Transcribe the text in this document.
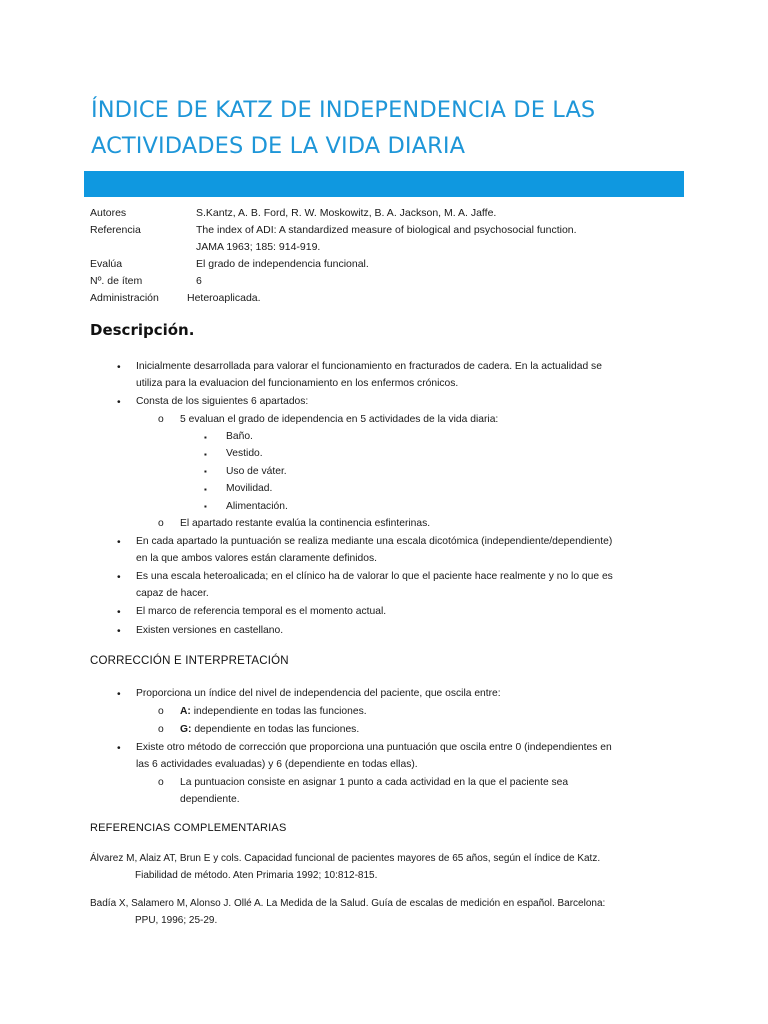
ÍNDICE DE KATZ DE INDEPENDENCIA DE LAS ACTIVIDADES DE LA VIDA DIARIA
Autores	S.Kantz, A. B. Ford, R. W. Moskowitz, B. A. Jackson, M. A. Jaffe.
Referencia	The index of ADI: A standardized measure of biological and psychosocial function.
JAMA 1963; 185: 914-919.
Evalúa	El grado de independencia funcional.
Nº. de ítem	6
Administración	Heteroaplicada.
Descripción.
• Inicialmente desarrollada para valorar el funcionamiento en fracturados de cadera. En la actualidad se
utiliza para la evaluacion del funcionamiento en los enfermos crónicos.
• Consta de los siguientes 6 apartados:
o 5 evaluan el grado de idependencia en 5 actividades de la vida diaria:
▪ Baño.
▪ Vestido.
▪ Uso de váter.
▪ Movilidad.
▪ Alimentación.
o El apartado restante evalúa la continencia esfinterinas.
• En cada apartado la puntuación se realiza mediante una escala dicotómica (independiente/dependiente)
en la que ambos valores están claramente definidos.
• Es una escala heteroalicada; en el clínico ha de valorar lo que el paciente hace realmente y no lo que es
capaz de hacer.
• El marco de referencia temporal es el momento actual.
• Existen versiones en castellano.
CORRECCIÓN E INTERPRETACIÓN
• Proporciona un índice del nivel de independencia del paciente, que oscila entre:
o A: independiente en todas las funciones.
o G: dependiente en todas las funciones.
• Existe otro método de corrección que proporciona una puntuación que oscila entre 0 (independientes en
las 6 actividades evaluadas) y 6 (dependiente en todas ellas).
o La puntuacion consiste en asignar 1 punto a cada actividad en la que el paciente sea
dependiente.
REFERENCIAS COMPLEMENTARIAS
Álvarez M, Alaiz AT, Brun E y cols. Capacidad funcional de pacientes mayores de 65 años, según el índice de Katz.
Fiabilidad de método. Aten Primaria 1992; 10:812-815.
Badía X, Salamero M, Alonso J. Ollé A. La Medida de la Salud. Guía de escalas de medición en español. Barcelona:
PPU, 1996; 25-29.
